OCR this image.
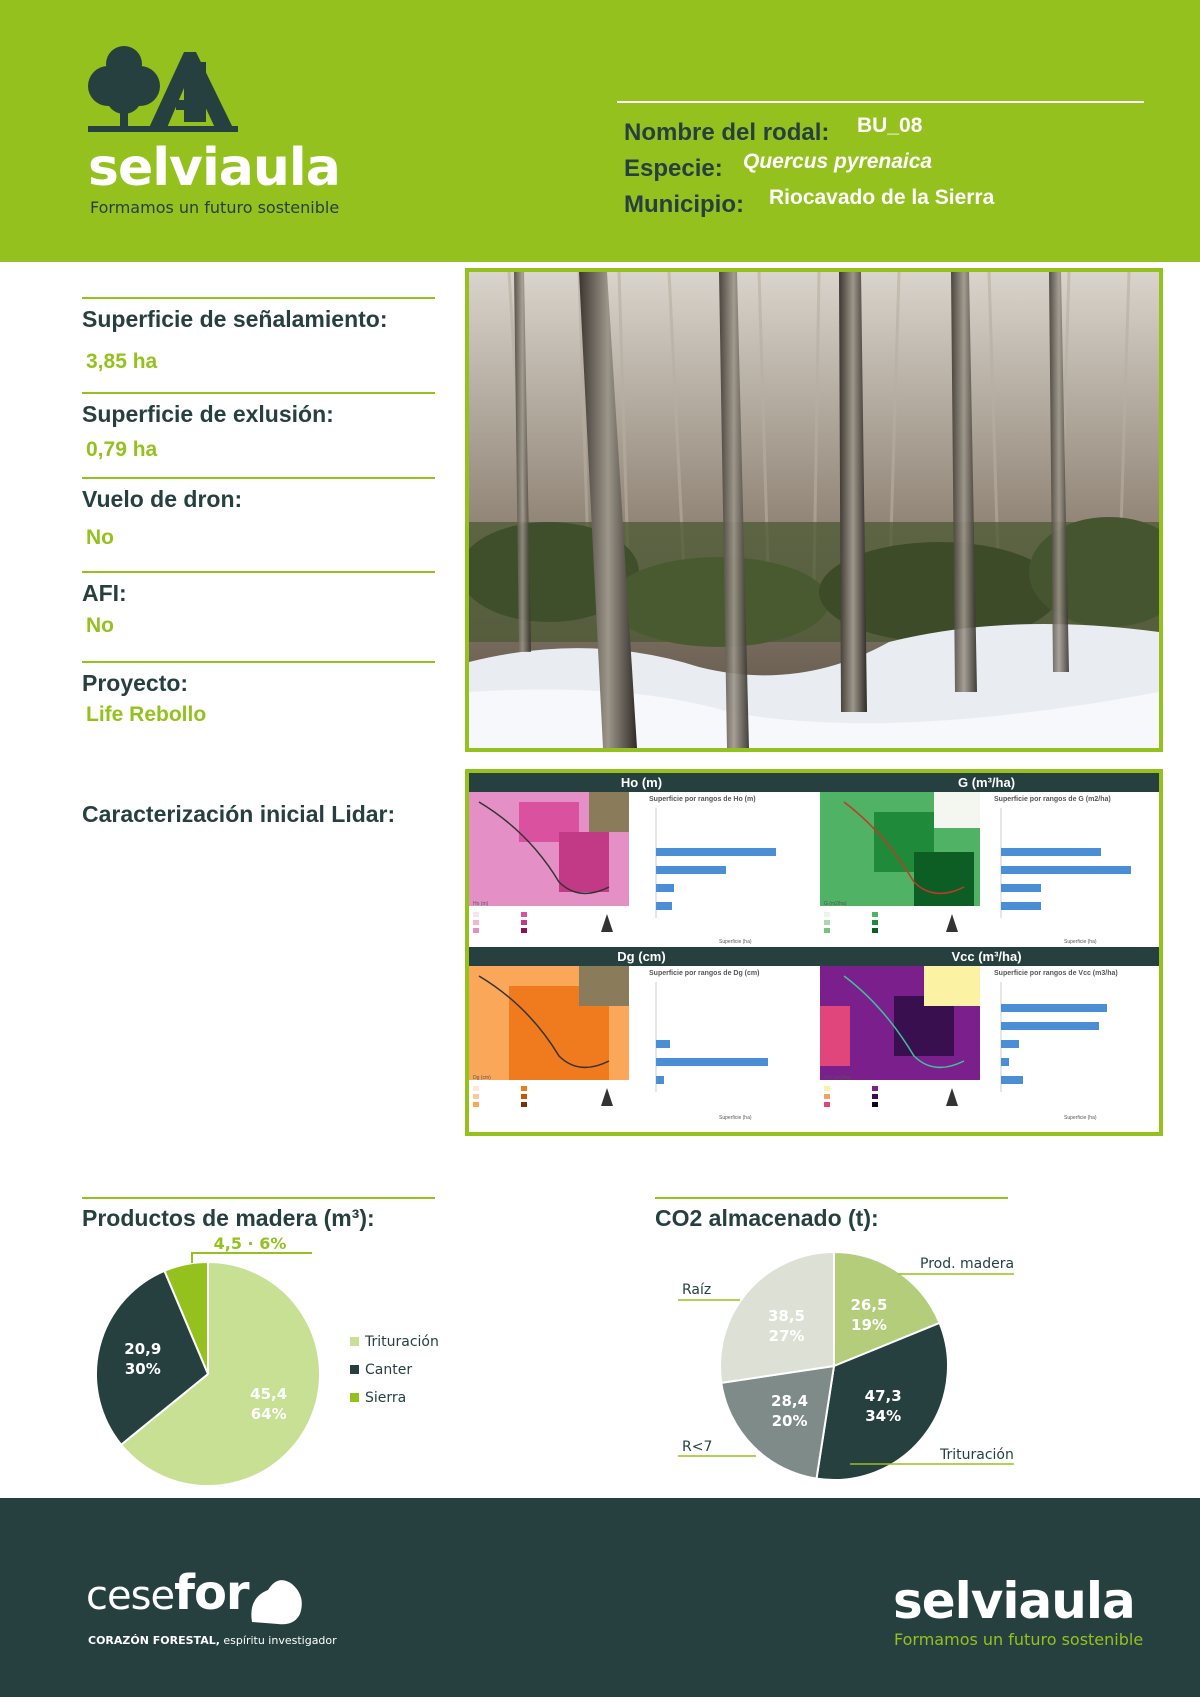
selviaula
Formamos un futuro sostenible
Nombre del rodal: BU_08
Especie: Quercus pyrenaica
Municipio: Riocavado de la Sierra
Superficie de señalamiento:
3,85 ha
Superficie de exlusión:
0,79 ha
Vuelo de dron:
No
AFI:
No
Proyecto:
Life Rebollo
Caracterización inicial Lidar:
Ho (m)
Superficie por rangos de Ho (m)
Ho (m)
Superficie (ha)
G (m³/ha)
Superficie por rangos de G (m2/ha)
G (m2/ha)
Superficie (ha)
Dg (cm)
Superficie por rangos de Dg (cm)
Dg (cm)
Superficie (ha)
Vcc (m³/ha)
Superficie por rangos de Vcc (m3/ha)
Vcc (m3/ha)
Superficie (ha)
Productos de madera (m³):
45,4
64%
20,9
30%
4,5 · 6%
Trituración
Canter
Sierra
CO2 almacenado (t):
26,5
19%
47,3
34%
28,4
20%
38,5
27%
Prod. madera
Trituración
R<7
Raíz
cesefor
CORAZÓN FORESTAL, espíritu investigador
selviaula
Formamos un futuro sostenible
